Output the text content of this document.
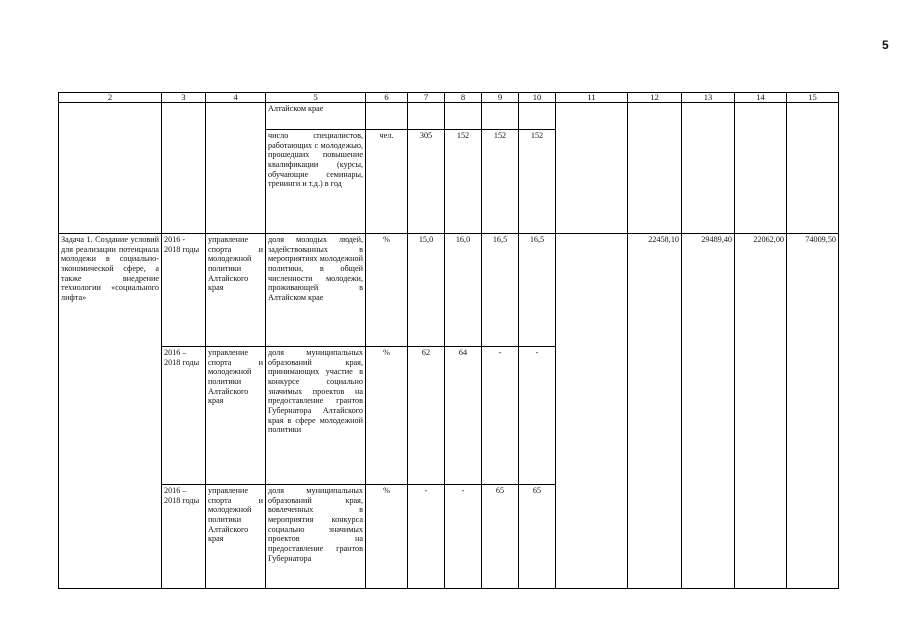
5
2	3	4	5	6	7	8	9	10	11	12	13	14	15
			Алтайском крае										
			число специалистов, работающих с молодежью, прошедших повышение квалификации (курсы, обучающие семинары, тренинги и т.д.) в год	чел.	305	152	152	152					
Задача 1. Создание условий для реализации потенциала молодежи в социально-экономической сфере, а также внедрение технологии «социального лифта»	2016 - 2018 годы	управление спорта и молодежной политики Алтайского края	доля молодых людей, задействованных в мероприятиях молодежной политики, в общей численности молодежи, проживающей в Алтайском крае	%	15,0	16,0	16,5	16,5		22458,10	29489,40	22062,00	74009,50
	2016 – 2018 годы	управление спорта и молодежной политики Алтайского края	доля муниципальных образований края, принимающих участие в конкурсе социально значимых проектов на предоставление грантов Губернатора Алтайского края в сфере молодежной политики	%	62	64	-	-					
	2016 – 2018 годы	управление спорта и молодежной политики Алтайского края	доля муниципальных образований края, вовлеченных в мероприятия конкурса социально значимых проектов на предоставление грантов Губернатора	%	-	-	65	65					
